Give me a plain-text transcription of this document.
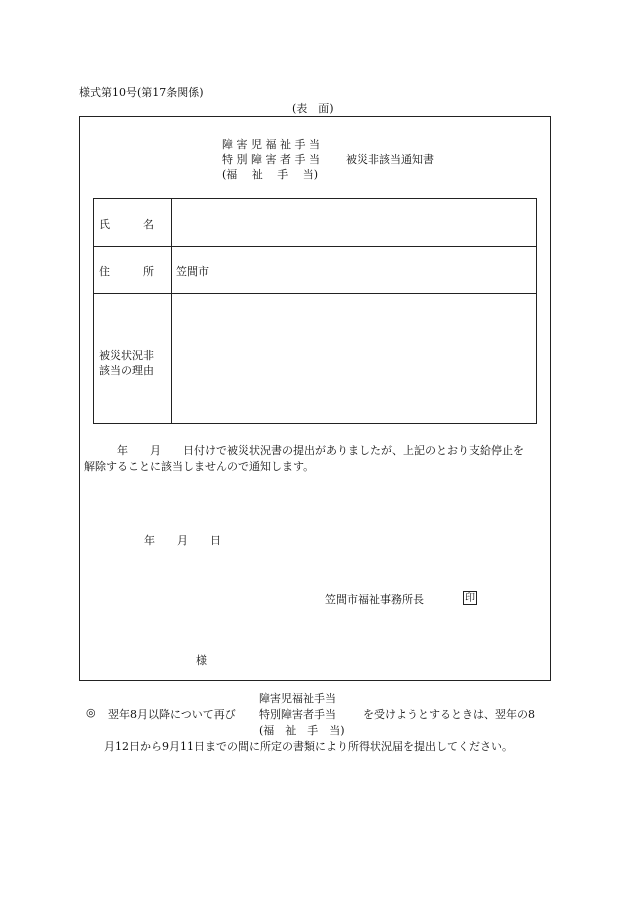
様式第10号(第17条関係)
(表　面)
障 害 児 福 祉 手 当
特 別 障 害 者 手 当
(福　 祉　 手　 当)
被災非該当通知書
氏　　　名
住　　　所 笠間市
被災状況非
該当の理由
　　　年　　月　　日付けで被災状況書の提出がありましたが、上記のとおり支給停止を
解除することに該当しませんので通知します。
年　　月　　日
笠間市福祉事務所長	印
様
障害児福祉手当
◎ 翌年8月以降について再び 特別障害者手当 を受けようとするときは、翌年の8
(福　祉　手　当)
月12日から9月11日までの間に所定の書類により所得状況届を提出してください。
